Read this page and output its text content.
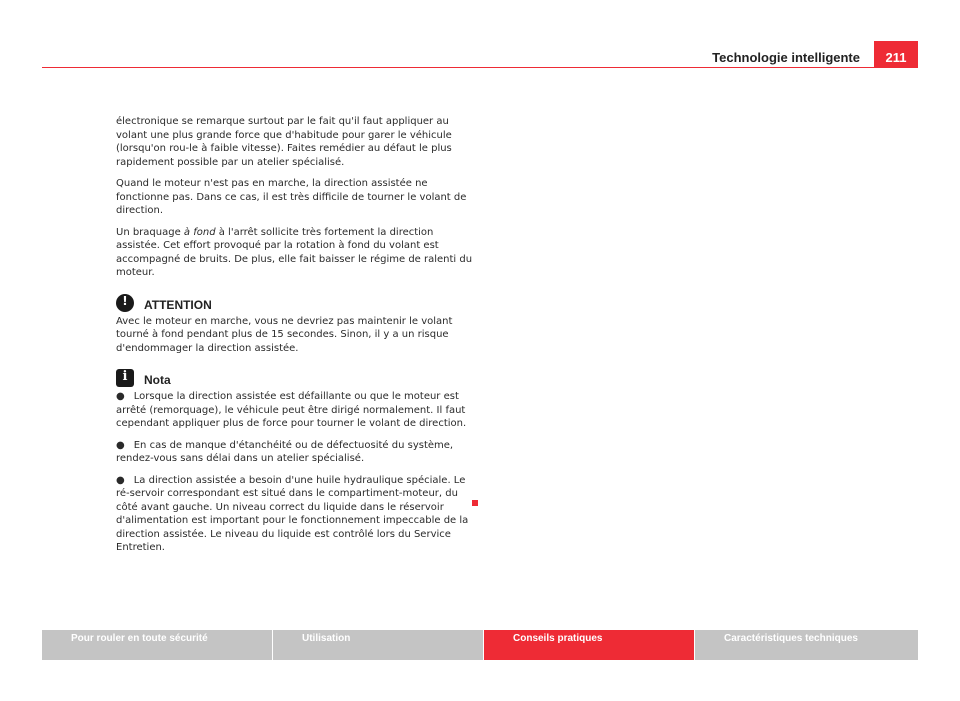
Technologie intelligente	211

électronique se remarque surtout par le fait qu'il faut appliquer au volant une plus grande force que d'habitude pour garer le véhicule (lorsqu'on rou-le à faible vitesse). Faites remédier au défaut le plus rapidement possible par un atelier spécialisé.

Quand le moteur n'est pas en marche, la direction assistée ne fonctionne pas. Dans ce cas, il est très difficile de tourner le volant de direction.

Un braquage à fond à l'arrêt sollicite très fortement la direction assistée. Cet effort provoqué par la rotation à fond du volant est accompagné de bruits. De plus, elle fait baisser le régime de ralenti du moteur.

!
ATTENTION

Avec le moteur en marche, vous ne devriez pas maintenir le volant tourné à fond pendant plus de 15 secondes. Sinon, il y a un risque d'endommager la direction assistée.

i
Nota

● Lorsque la direction assistée est défaillante ou que le moteur est arrêté (remorquage), le véhicule peut être dirigé normalement. Il faut cependant appliquer plus de force pour tourner le volant de direction.

● En cas de manque d'étanchéité ou de défectuosité du système, rendez-vous sans délai dans un atelier spécialisé.

● La direction assistée a besoin d'une huile hydraulique spéciale. Le ré-servoir correspondant est situé dans le compartiment-moteur, du côté avant gauche. Un niveau correct du liquide dans le réservoir d'alimentation est important pour le fonctionnement impeccable de la direction assistée. Le niveau du liquide est contrôlé lors du Service Entretien.

Pour rouler en toute sécurité	Utilisation	Conseils pratiques	Caractéristiques techniques
